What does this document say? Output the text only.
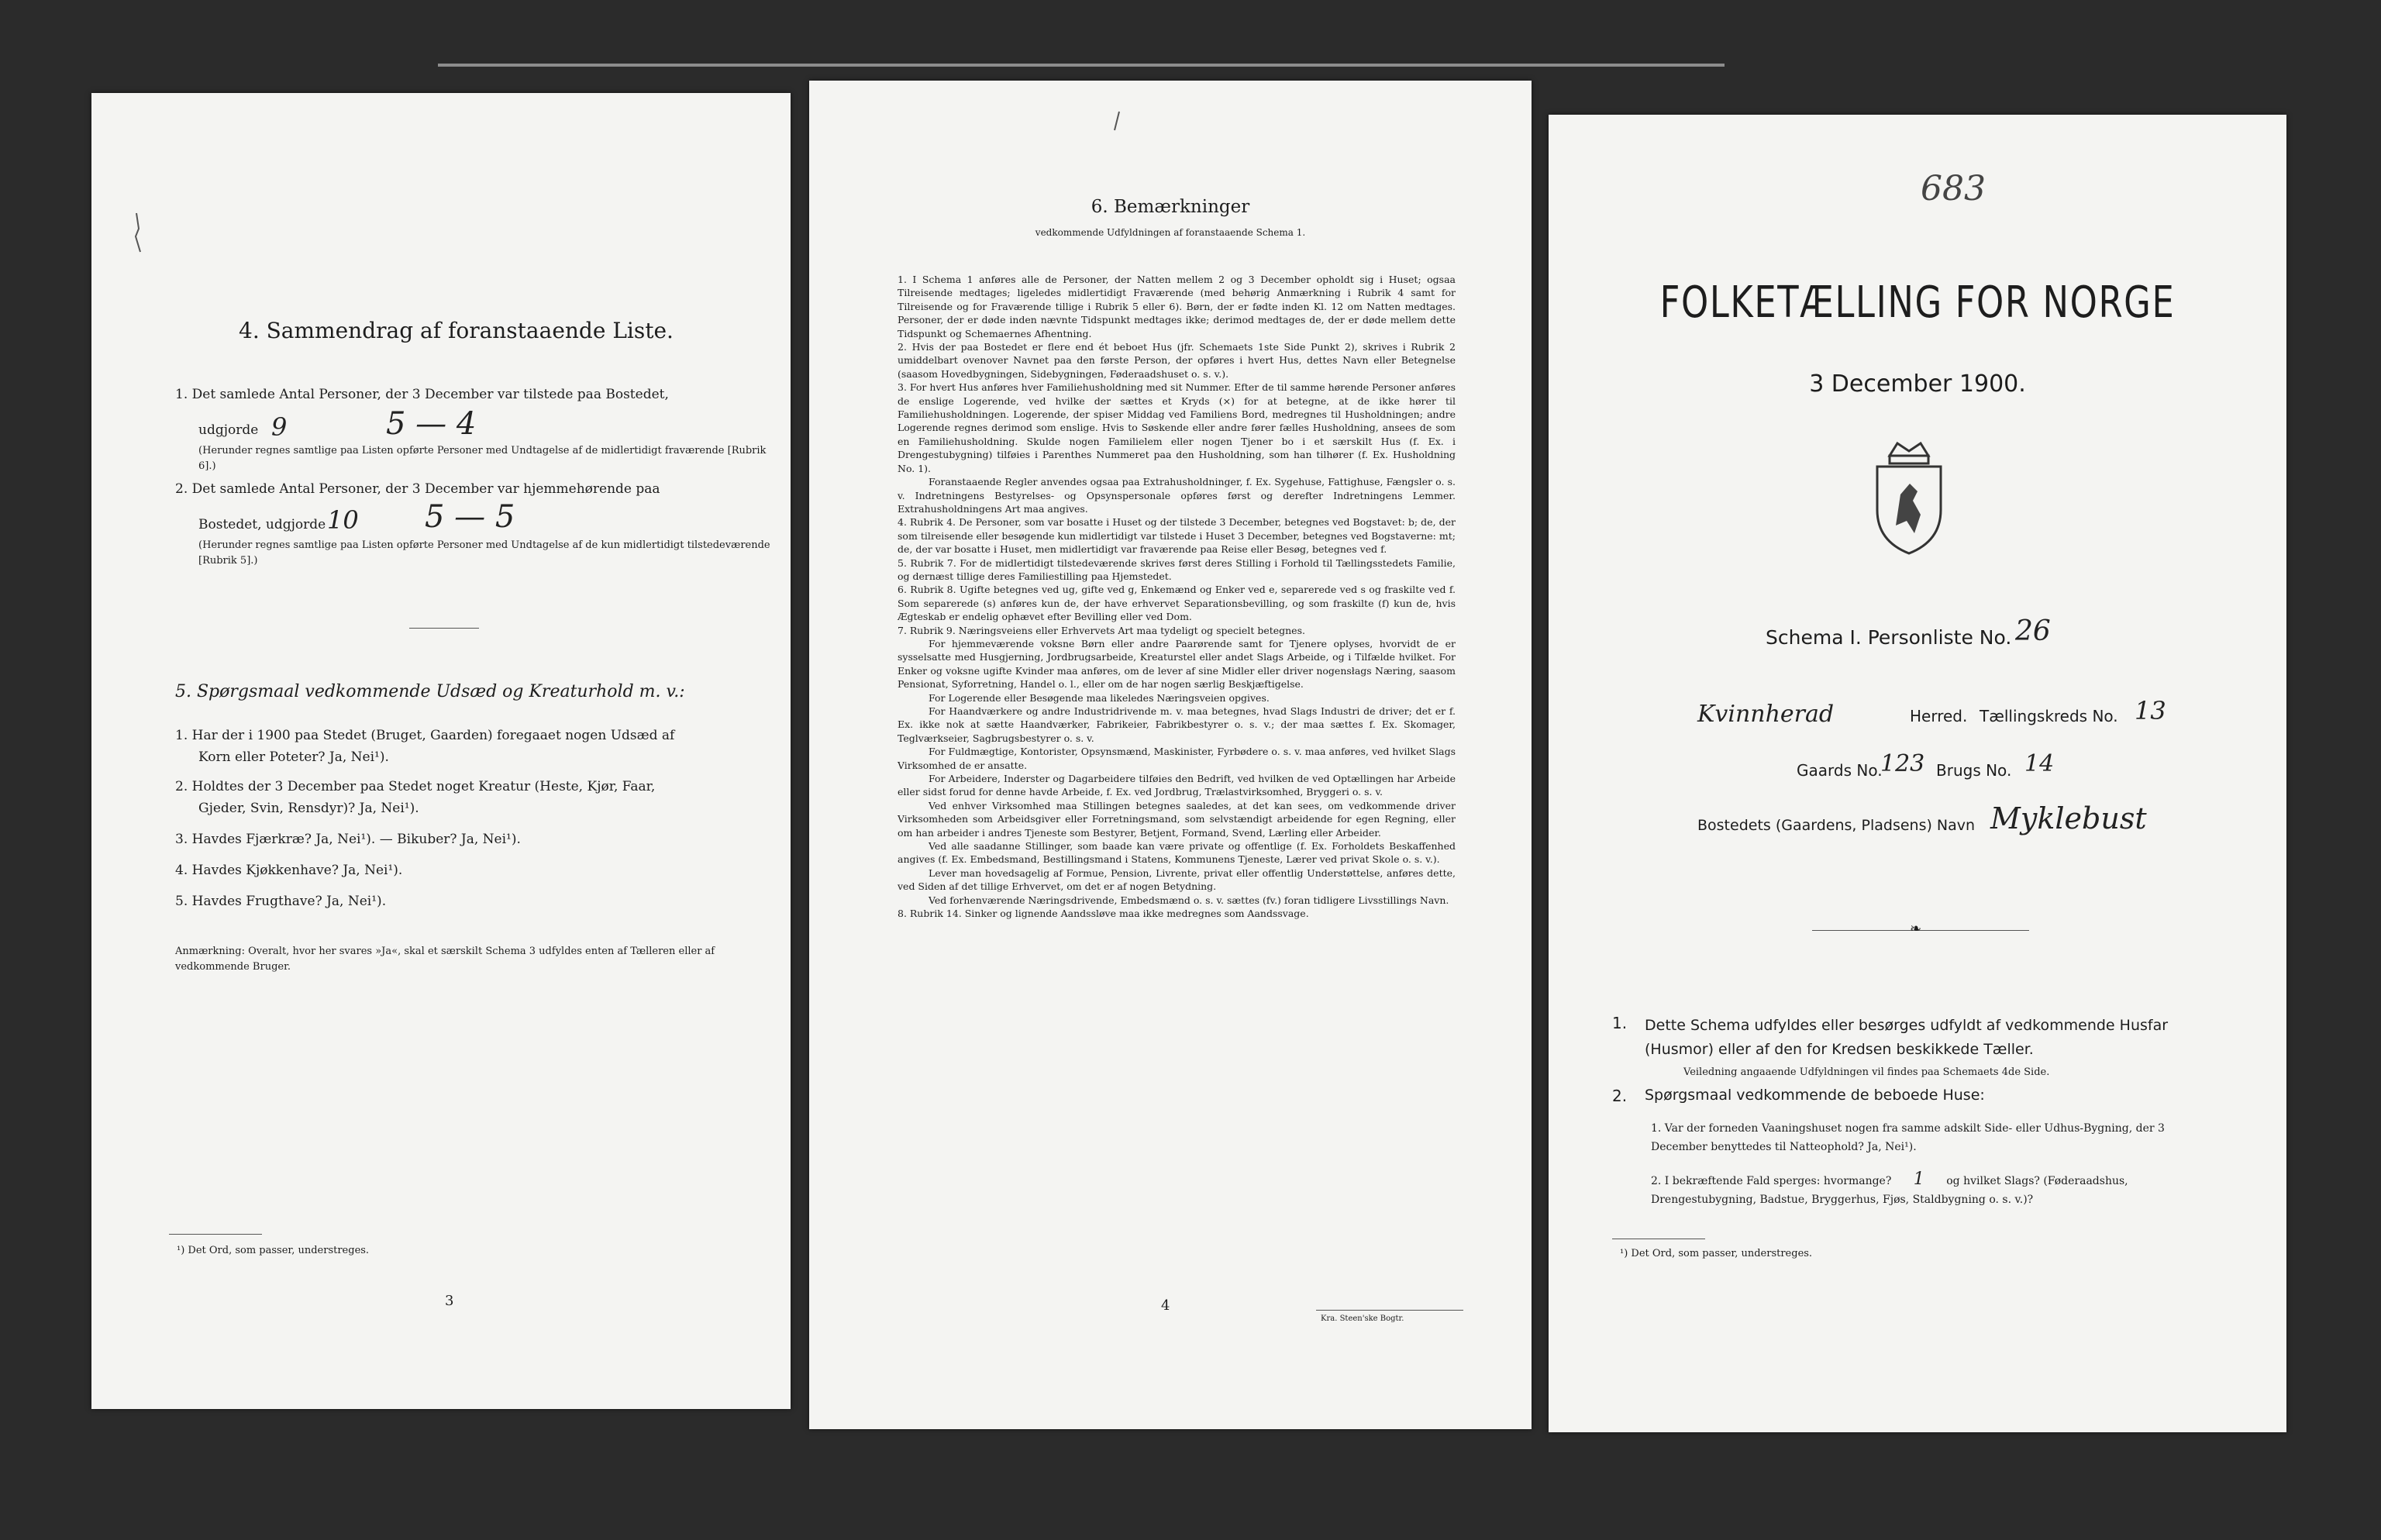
4. Sammendrag af foranstaaende Liste.
1. Det samlede Antal Personer, der 3 December var tilstede paa Bostedet,
udgjorde 9	5 — 4
(Herunder regnes samtlige paa Listen opførte Personer med Undtagelse af de midlertidigt fraværende [Rubrik 6].)
2. Det samlede Antal Personer, der 3 December var hjemmehørende paa
Bostedet, udgjorde 10 5 — 5
(Herunder regnes samtlige paa Listen opførte Personer med Undtagelse af de kun midlertidigt tilstedeværende [Rubrik 5].)
5. Spørgsmaal vedkommende Udsæd og Kreaturhold m. v.:
1. Har der i 1900 paa Stedet (Bruget, Gaarden) foregaaet nogen Udsæd af
Korn eller Poteter? Ja, Nei¹).
2. Holdtes der 3 December paa Stedet noget Kreatur (Heste, Kjør, Faar,
Gjeder, Svin, Rensdyr)? Ja, Nei¹).
3. Havdes Fjærkræ? Ja, Nei¹). — Bikuber? Ja, Nei¹).
4. Havdes Kjøkkenhave? Ja, Nei¹).
5. Havdes Frugthave? Ja, Nei¹).
Anmærkning: Overalt, hvor her svares »Ja«, skal et særskilt Schema 3 udfyldes enten af Tælleren eller af vedkommende Bruger.
¹) Det Ord, som passer, understreges.
3
6. Bemærkninger
vedkommende Udfyldningen af foranstaaende Schema 1.

1. I Schema 1 anføres alle de Personer, der Natten mellem 2 og 3 December opholdt sig i Huset; ogsaa Tilreisende medtages; ligeledes midlertidigt Fraværende (med behørig Anmærkning i Rubrik 4 samt for Tilreisende og for Fraværende tillige i Rubrik 5 eller 6). Børn, der er fødte inden Kl. 12 om Natten medtages. Personer, der er døde inden nævnte Tidspunkt medtages ikke; derimod medtages de, der er døde mellem dette Tidspunkt og Schemaernes Afhentning.

2. Hvis der paa Bostedet er flere end ét beboet Hus (jfr. Schemaets 1ste Side Punkt 2), skrives i Rubrik 2 umiddelbart ovenover Navnet paa den første Person, der opføres i hvert Hus, dettes Navn eller Betegnelse (saasom Hovedbygningen, Sidebygningen, Føderaadshuset o. s. v.).

3. For hvert Hus anføres hver Familiehusholdning med sit Nummer. Efter de til samme hørende Personer anføres de enslige Logerende, ved hvilke der sættes et Kryds (×) for at betegne, at de ikke hører til Familiehusholdningen. Logerende, der spiser Middag ved Familiens Bord, medregnes til Husholdningen; andre Logerende regnes derimod som enslige. Hvis to Søskende eller andre fører fælles Husholdning, ansees de som en Familiehusholdning. Skulde nogen Familielem eller nogen Tjener bo i et særskilt Hus (f. Ex. i Drengestubygning) tilføies i Parenthes Nummeret paa den Husholdning, som han tilhører (f. Ex. Husholdning No. 1).

Foranstaaende Regler anvendes ogsaa paa Extrahusholdninger, f. Ex. Sygehuse, Fattighuse, Fængsler o. s. v. Indretningens Bestyrelses- og Opsynspersonale opføres først og derefter Indretningens Lemmer. Extrahusholdningens Art maa angives.

4. Rubrik 4. De Personer, som var bosatte i Huset og der tilstede 3 December, betegnes ved Bogstavet: b; de, der som tilreisende eller besøgende kun midlertidigt var tilstede i Huset 3 December, betegnes ved Bogstaverne: mt; de, der var bosatte i Huset, men midlertidigt var fraværende paa Reise eller Besøg, betegnes ved f.

5. Rubrik 7. For de midlertidigt tilstedeværende skrives først deres Stilling i Forhold til Tællingsstedets Familie, og dernæst tillige deres Familiestilling paa Hjemstedet.

6. Rubrik 8. Ugifte betegnes ved ug, gifte ved g, Enkemænd og Enker ved e, separerede ved s og fraskilte ved f. Som separerede (s) anføres kun de, der have erhvervet Separationsbevilling, og som fraskilte (f) kun de, hvis Ægteskab er endelig ophævet efter Bevilling eller ved Dom.

7. Rubrik 9. Næringsveiens eller Erhvervets Art maa tydeligt og specielt betegnes.

For hjemmeværende voksne Børn eller andre Paarørende samt for Tjenere oplyses, hvorvidt de er sysselsatte med Husgjerning, Jordbrugsarbeide, Kreaturstel eller andet Slags Arbeide, og i Tilfælde hvilket. For Enker og voksne ugifte Kvinder maa anføres, om de lever af sine Midler eller driver nogensłags Næring, saasom Pensionat, Syforretning, Handel o. l., eller om de har nogen særlig Beskjæftigelse.

For Logerende eller Besøgende maa likeledes Næringsveien opgives.

For Haandværkere og andre Industridrivende m. v. maa betegnes, hvad Slags Industri de driver; det er f. Ex. ikke nok at sætte Haandværker, Fabrikeier, Fabrikbestyrer o. s. v.; der maa sættes f. Ex. Skomager, Teglværkseier, Sagbrugsbestyrer o. s. v.

For Fuldmægtige, Kontorister, Opsynsmænd, Maskinister, Fyrbødere o. s. v. maa anføres, ved hvilket Slags Virksomhed de er ansatte.

For Arbeidere, Inderster og Dagarbeidere tilføies den Bedrift, ved hvilken de ved Optællingen har Arbeide eller sidst forud for denne havde Arbeide, f. Ex. ved Jordbrug, Trælastvirksomhed, Bryggeri o. s. v.

Ved enhver Virksomhed maa Stillingen betegnes saaledes, at det kan sees, om vedkommende driver Virksomheden som Arbeidsgiver eller Forretningsmand, som selvstændigt arbeidende for egen Regning, eller om han arbeider i andres Tjeneste som Bestyrer, Betjent, Formand, Svend, Lærling eller Arbeider.

Ved alle saadanne Stillinger, som baade kan være private og offentlige (f. Ex. Forholdets Beskaffenhed angives (f. Ex. Embedsmand, Bestillingsmand i Statens, Kommunens Tjeneste, Lærer ved privat Skole o. s. v.).

Lever man hovedsagelig af Formue, Pension, Livrente, privat eller offentlig Understøttelse, anføres dette, ved Siden af det tillige Erhvervet, om det er af nogen Betydning.

Ved forhenværende Næringsdrivende, Embedsmænd o. s. v. sættes (fv.) foran tidligere Livsstillings Navn.

8. Rubrik 14. Sinker og lignende Aandssløve maa ikke medregnes som Aandssvage.

4
Kra. Steen'ske Bogtr.
683
FOLKETÆLLING FOR NORGE
3 December 1900.
Schema I. Personliste No. 26
Kvinnherad	Herred. Tællingskreds No. 13
Gaards No.
123 Brugs No. 14
Bostedets (Gaardens, Pladsens) Navn Myklebust
❧
1. Dette Schema udfyldes eller besørges udfyldt af vedkommende Husfar (Husmor) eller af den for Kredsen beskikkede Tæller.
Veiledning angaaende Udfyldningen vil findes paa Schemaets 4de Side.
2. Spørgsmaal vedkommende de beboede Huse:
1. Var der forneden Vaaningshuset nogen fra samme adskilt Side- eller Udhus-Bygning, der 3 December benyttedes til Natteophold? Ja, Nei¹).
2. I bekræftende Fald sperges: hvormange? 1 og hvilket Slags? (Føderaadshus, Drengestubygning, Badstue, Bryggerhus, Fjøs, Staldbygning o. s. v.)?
¹) Det Ord, som passer, understreges.
